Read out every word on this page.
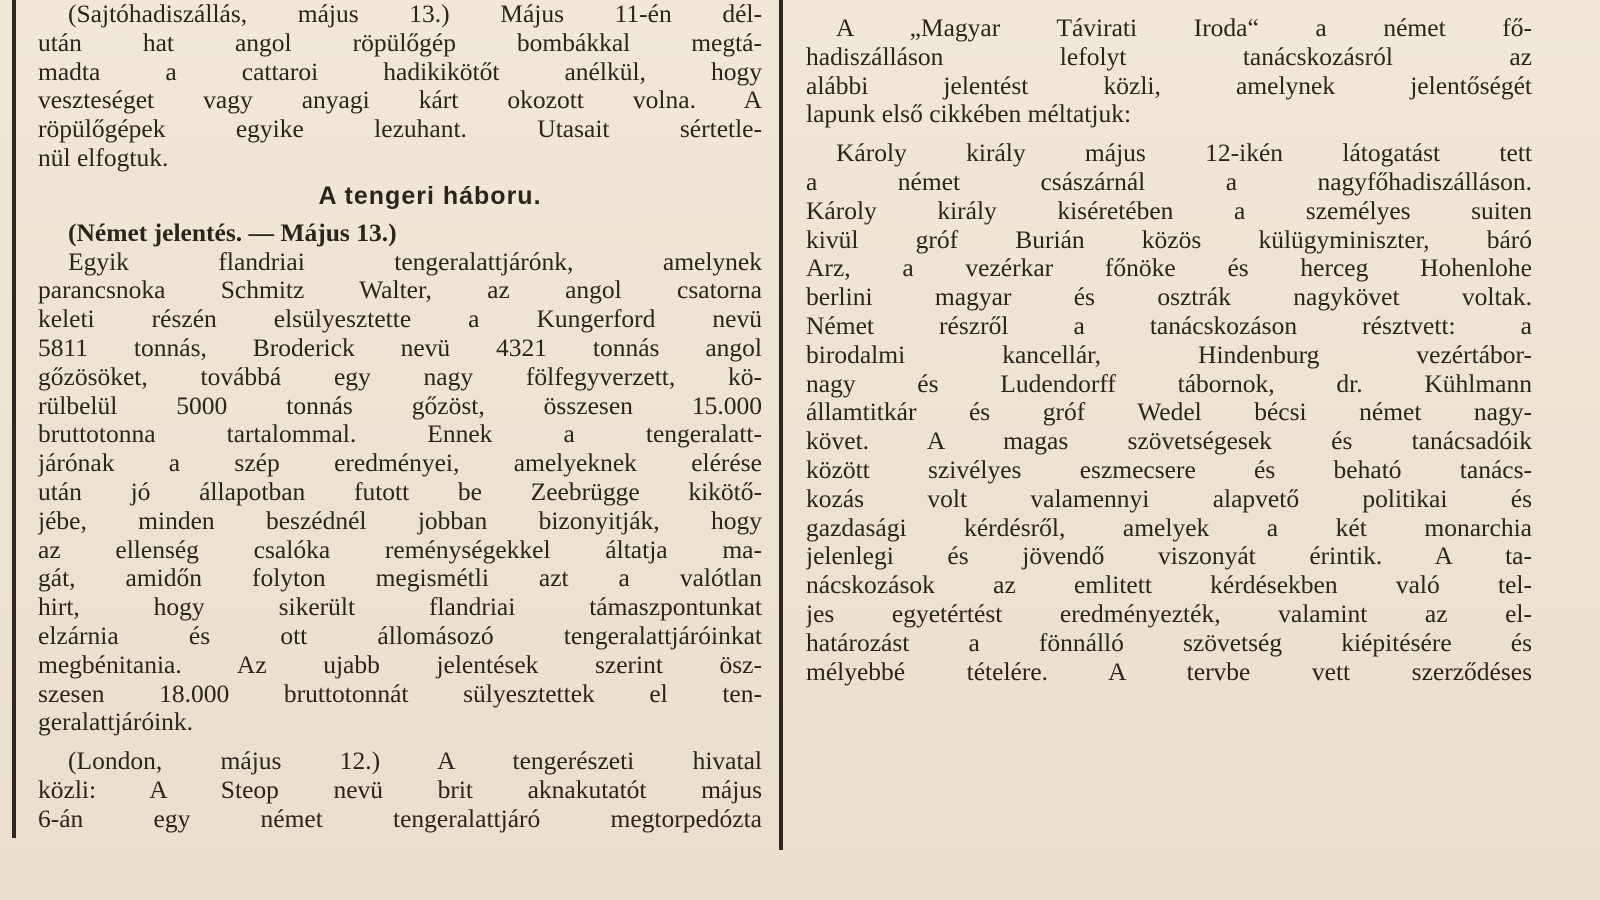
(Sajtóhadiszállás, május 13.) Május 11-én dél-
után hat angol röpülőgép bombákkal megtá-
madta a cattaroi hadikikötőt anélkül, hogy
veszteséget vagy anyagi kárt okozott volna. A
röpülőgépek egyike lezuhant. Utasait sértetle-
nül elfogtuk.
A tengeri háboru.
(Német jelentés. — Május 13.)
Egyik flandriai tengeralattjárónk, amelynek
parancsnoka Schmitz Walter, az angol csatorna
keleti részén elsülyesztette a Kungerford nevü
5811 tonnás, Broderick nevü 4321 tonnás angol
gőzösöket, továbbá egy nagy fölfegyverzett, kö-
rülbelül 5000 tonnás gőzöst, összesen 15.000
bruttotonna tartalommal. Ennek a tengeralatt-
járónak a szép eredményei, amelyeknek elérése
után jó állapotban futott be Zeebrügge kikötő-
jébe, minden beszédnél jobban bizonyitják, hogy
az ellenség csalóka reménységekkel áltatja ma-
gát, amidőn folyton megismétli azt a valótlan
hirt, hogy sikerült flandriai támaszpontunkat
elzárnia és ott állomásozó tengeralattjáróinkat
megbénitania. Az ujabb jelentések szerint ösz-
szesen 18.000 bruttotonnát sülyesztettek el ten-
geralattjáróink.
(London, május 12.) A tengerészeti hivatal
közli: A Steop nevü brit aknakutatót május
6-án egy német tengeralattjáró megtorpedózta
A „Magyar Távirati Iroda“ a német fő-
hadiszálláson lefolyt tanácskozásról az
alábbi jelentést közli, amelynek jelentőségét
lapunk első cikkében méltatjuk:
Károly király május 12-ikén látogatást tett
a német császárnál a nagyfőhadiszálláson.
Károly király kiséretében a személyes suiten
kivül gróf Burián közös külügyminiszter, báró
Arz, a vezérkar főnöke és herceg Hohenlohe
berlini magyar és osztrák nagykövet voltak.
Német részről a tanácskozáson résztvett: a
birodalmi kancellár, Hindenburg vezértábor-
nagy és Ludendorff tábornok, dr. Kühlmann
államtitkár és gróf Wedel bécsi német nagy-
követ. A magas szövetségesek és tanácsadóik
között szivélyes eszmecsere és beható tanács-
kozás volt valamennyi alapvető politikai és
gazdasági kérdésről, amelyek a két monarchia
jelenlegi és jövendő viszonyát érintik. A ta-
nácskozások az emlitett kérdésekben való tel-
jes egyetértést eredményezték, valamint az el-
határozást a fönnálló szövetség kiépitésére és
mélyebbé tételére. A tervbe vett szerződéses
